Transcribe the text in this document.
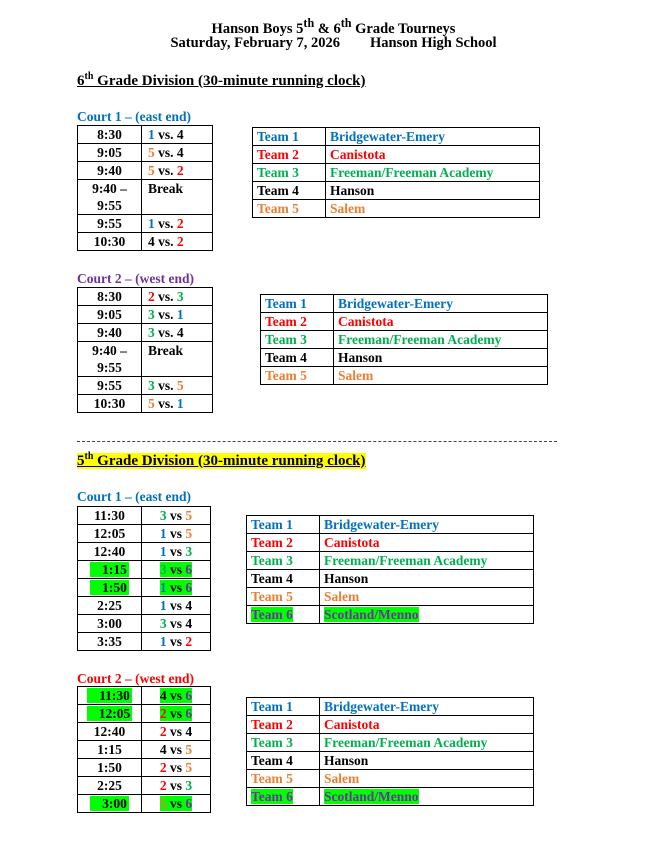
Hanson Boys 5th & 6th Grade Tourneys
Saturday, February 7, 2026 Hanson High School
6th Grade Division (30-minute running clock)
Court 1 – (east end)
8:30	1 vs. 4
9:05	5 vs. 4
9:40	5 vs. 2
9:40 –
9:55	Break
9:55	1 vs. 2
10:30	4 vs. 2
Team 1	Bridgewater-Emery
Team 2	Canistota
Team 3	Freeman/Freeman Academy
Team 4	Hanson
Team 5	Salem
Court 2 – (west end)
8:30	2 vs. 3
9:05	3 vs. 1
9:40	3 vs. 4
9:40 –
9:55	Break
9:55	3 vs. 5
10:30	5 vs. 1
Team 1	Bridgewater-Emery
Team 2	Canistota
Team 3	Freeman/Freeman Academy
Team 4	Hanson
Team 5	Salem
5th Grade Division (30-minute running clock)
Court 1 – (east end)
11:30	3 vs 5
12:05	1 vs 5
12:40	1 vs 3
1:15	3 vs 6
1:50	1 vs 6
2:25	1 vs 4
3:00	3 vs 4
3:35	1 vs 2
Team 1	Bridgewater-Emery
Team 2	Canistota
Team 3	Freeman/Freeman Academy
Team 4	Hanson
Team 5	Salem
Team 6	Scotland/Menno
Court 2 – (west end)
11:30	4 vs 6
12:05	2 vs 6
12:40	2 vs 4
1:15	4 vs 5
1:50	2 vs 5
2:25	2 vs 3
3:00	5 vs 6
Team 1	Bridgewater-Emery
Team 2	Canistota
Team 3	Freeman/Freeman Academy
Team 4	Hanson
Team 5	Salem
Team 6	Scotland/Menno
